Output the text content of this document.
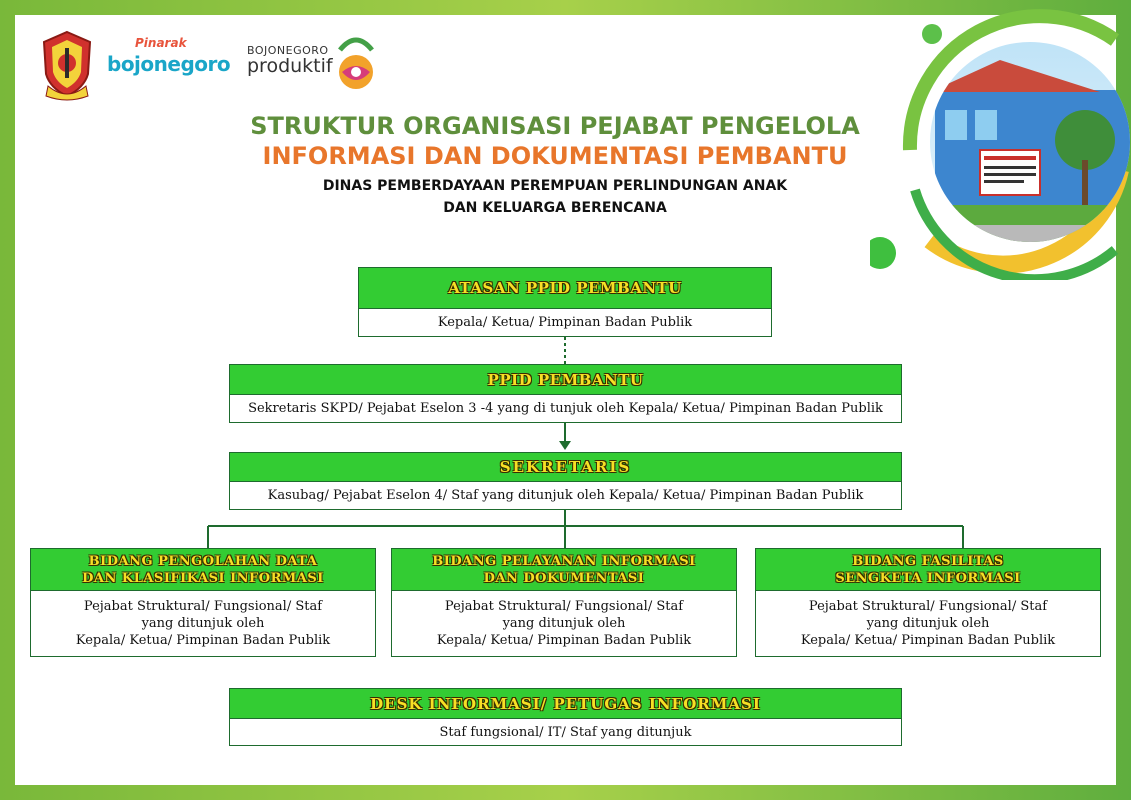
Pinarak
bojonegoro
BOJONEGORO
produktif
STRUKTUR ORGANISASI PEJABAT PENGELOLA
INFORMASI DAN DOKUMENTASI PEMBANTU
DINAS PEMBERDAYAAN PEREMPUAN PERLINDUNGAN ANAK
DAN KELUARGA BERENCANA
ATASAN PPID PEMBANTU
Kepala/ Ketua/ Pimpinan Badan Publik
PPID PEMBANTU
Sekretaris SKPD/ Pejabat Eselon 3 -4 yang di tunjuk oleh Kepala/ Ketua/ Pimpinan Badan Publik
SEKRETARIS
Kasubag/ Pejabat Eselon 4/ Staf yang ditunjuk oleh Kepala/ Ketua/ Pimpinan Badan Publik
BIDANG PENGOLAHAN DATA
DAN KLASIFIKASI INFORMASI
Pejabat Struktural/ Fungsional/ Staf
yang ditunjuk oleh
Kepala/ Ketua/ Pimpinan Badan Publik
BIDANG PELAYANAN INFORMASI
DAN DOKUMENTASI
Pejabat Struktural/ Fungsional/ Staf
yang ditunjuk oleh
Kepala/ Ketua/ Pimpinan Badan Publik
BIDANG FASILITAS
SENGKETA INFORMASI
Pejabat Struktural/ Fungsional/ Staf
yang ditunjuk oleh
Kepala/ Ketua/ Pimpinan Badan Publik
DESK INFORMASI/ PETUGAS INFORMASI
Staf fungsional/ IT/ Staf yang ditunjuk
